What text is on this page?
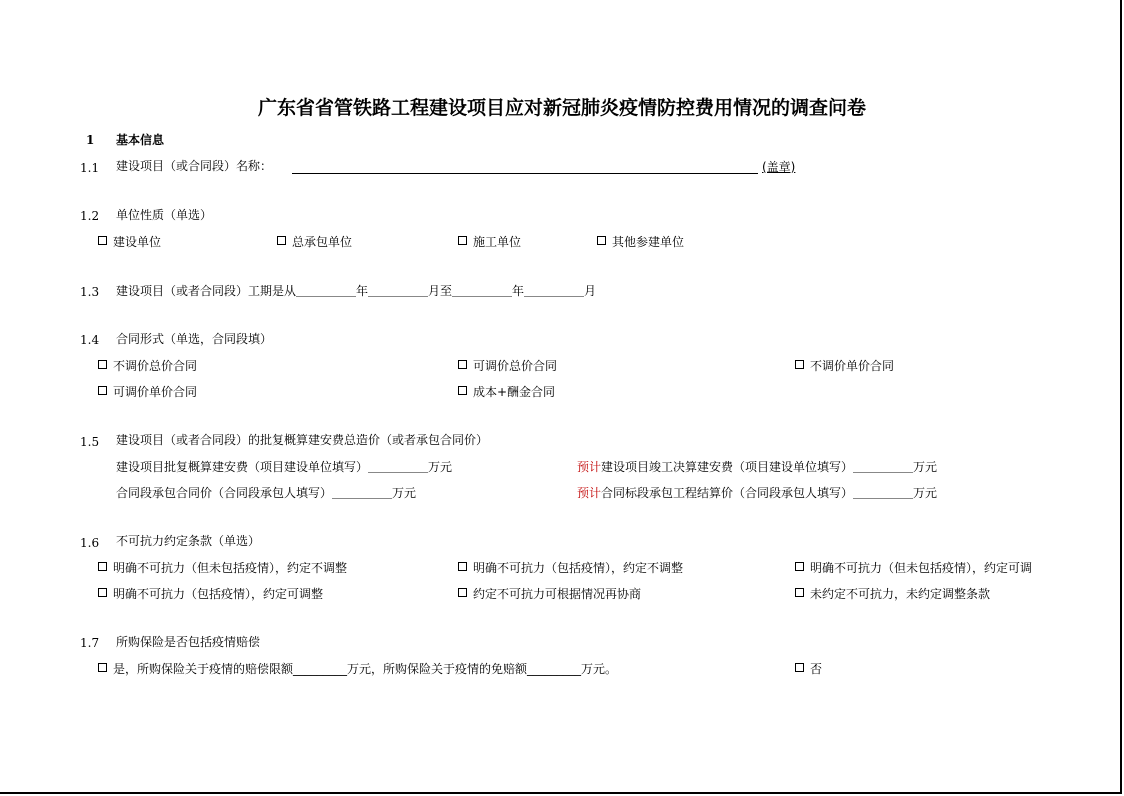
广东省省管铁路工程建设项目应对新冠肺炎疫情防控费用情况的调查问卷
1 基本信息
1.1 建设项目（或合同段）名称：	(盖章)
1.2 单位性质（单选）
建设单位	总承包单位	施工单位	其他参建单位
1.3 建设项目（或者合同段）工期是从＿＿＿＿＿年＿＿＿＿＿月至＿＿＿＿＿年＿＿＿＿＿月
1.4 合同形式（单选，合同段填）
不调价总价合同	可调价总价合同	不调价单价合同
可调价单价合同	成本+酬金合同
1.5 建设项目（或者合同段）的批复概算建安费总造价（或者承包合同价）
建设项目批复概算建安费（项目建设单位填写）＿＿＿＿＿万元	预计建设项目竣工决算建安费（项目建设单位填写）＿＿＿＿＿万元
合同段承包合同价（合同段承包人填写）＿＿＿＿＿万元	预计合同标段承包工程结算价（合同段承包人填写）＿＿＿＿＿万元
1.6 不可抗力约定条款（单选）
明确不可抗力（但未包括疫情），约定不调整	明确不可抗力（包括疫情），约定不调整	明确不可抗力（但未包括疫情），约定可调
明确不可抗力（包括疫情），约定可调整	约定不可抗力可根据情况再协商	未约定不可抗力，未约定调整条款
1.7 所购保险是否包括疫情赔偿
是，所购保险关于疫情的赔偿限额_________万元，所购保险关于疫情的免赔额_________万元。	否
